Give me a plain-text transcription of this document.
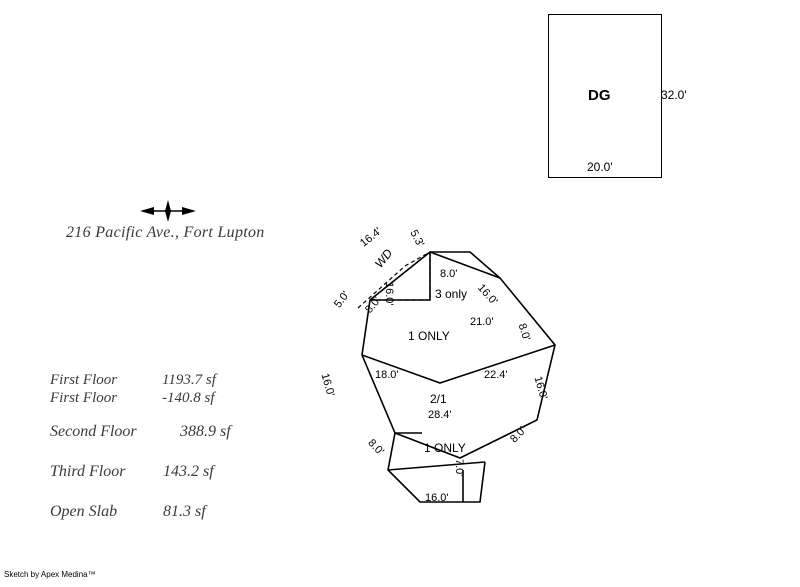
216 Pacific Ave., Fort Lupton
First Floor	1193.7 sf
First Floor	-140.8 sf
Second Floor	388.9 sf
Third Floor	143.2 sf
Open Slab	81.3 sf
Sketch by Apex Medina™
DG	32.0'
20.0'
WD
3 only
1 ONLY
2/1
1 ONLY
16.4' 5.3'
8.0'
16.0'	16.0'
5.0' 8.0'
21.0' 8.0'
16.0'	18.0'	22.4' 16.0'
28.4'
8.0'
8.0'
7.0'
16.0'
